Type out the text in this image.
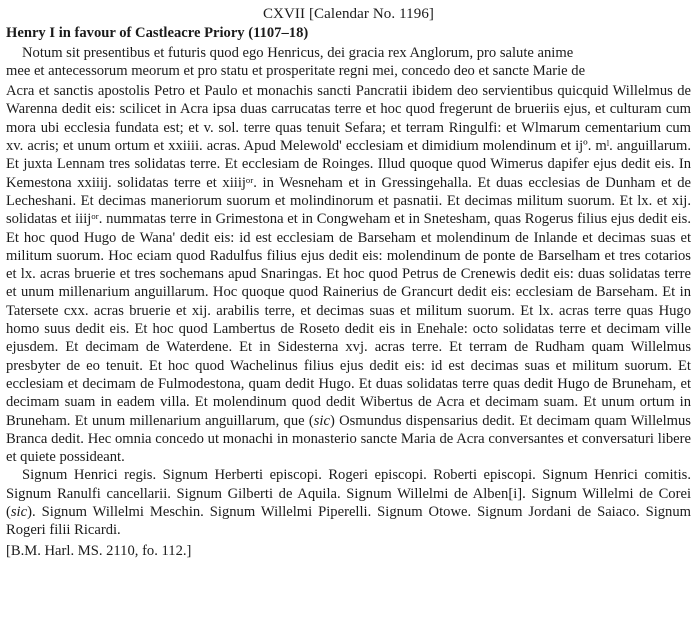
CXVII [Calendar No. 1196]
Henry I in favour of Castleacre Priory (1107–18)

Notum sit presentibus et futuris quod ego Henricus, dei gracia rex Anglorum, pro salute anime
mee et antecessorum meorum et pro statu et prosperitate regni mei, concedo deo et sancte Marie de

Acra et sanctis apostolis Petro et Paulo et monachis sancti Pancratii ibidem deo servientibus quicquid Willelmus de Warenna dedit eis: scilicet in Acra ipsa duas carrucatas terre et hoc quod fregerunt de brueriis ejus, et culturam cum mora ubi ecclesia fundata est; et v. sol. terre quas tenuit Sefara; et terram Ringulfi: et Wlmarum cementarium cum xv. acris; et unum ortum et xxiiii. acras. Apud Melewold' ecclesiam et dimidium molendinum et ijº. mˡ. anguillarum. Et juxta Lennam tres solidatas terre. Et ecclesiam de Roinges. Illud quoque quod Wimerus dapifer ejus dedit eis. In Kemestona xxiiij. solidatas terre et xiiijᵒʳ. in Wesneham et in Gressingehalla. Et duas ecclesias de Dunham et de Lecheshani. Et decimas maneriorum suorum et molindinorum et pasnatii. Et decimas militum suorum. Et lx. et xij. solidatas et iiijᵒʳ. nummatas terre in Grimestona et in Congweham et in Snetesham, quas Rogerus filius ejus dedit eis. Et hoc quod Hugo de Wana' dedit eis: id est ecclesiam de Barseham et molendinum de Inlande et decimas suas et militum suorum. Hoc eciam quod Radulfus filius ejus dedit eis: molendinum de ponte de Barselham et tres cotarios et lx. acras bruerie et tres sochemans apud Snaringas. Et hoc quod Petrus de Crenewis dedit eis: duas solidatas terre et unum millenarium anguillarum. Hoc quoque quod Rainerius de Grancurt dedit eis: ecclesiam de Barseham. Et in Tatersete cxx. acras bruerie et xij. arabilis terre, et decimas suas et militum suorum. Et lx. acras terre quas Hugo homo suus dedit eis. Et hoc quod Lambertus de Roseto dedit eis in Enehale: octo solidatas terre et decimam ville ejusdem. Et decimam de Waterdene. Et in Sidesterna xvj. acras terre. Et terram de Rudham quam Willelmus presbyter de eo tenuit. Et hoc quod Wachelinus filius ejus dedit eis: id est decimas suas et militum suorum. Et ecclesiam et decimam de Fulmodestona, quam dedit Hugo. Et duas solidatas terre quas dedit Hugo de Bruneham, et decimam suam in eadem villa. Et molendinum quod dedit Wibertus de Acra et decimam suam. Et unum ortum in Bruneham. Et unum millenarium anguillarum, que (sic) Osmundus dispensarius dedit. Et decimam quam Willelmus Branca dedit. Hec omnia concedo ut monachi in monasterio sancte Maria de Acra conversantes et conversaturi libere et quiete possideant.

Signum Henrici regis. Signum Herberti episcopi. Rogeri episcopi. Roberti episcopi. Signum Henrici comitis. Signum Ranulfi cancellarii. Signum Gilberti de Aquila. Signum Willelmi de Alben[i]. Signum Willelmi de Corei (sic). Signum Willelmi Meschin. Signum Willelmi Piperelli. Signum Otowe. Signum Jordani de Saiaco. Signum Rogeri filii Ricardi.

[B.M. Harl. MS. 2110, fo. 112.]
